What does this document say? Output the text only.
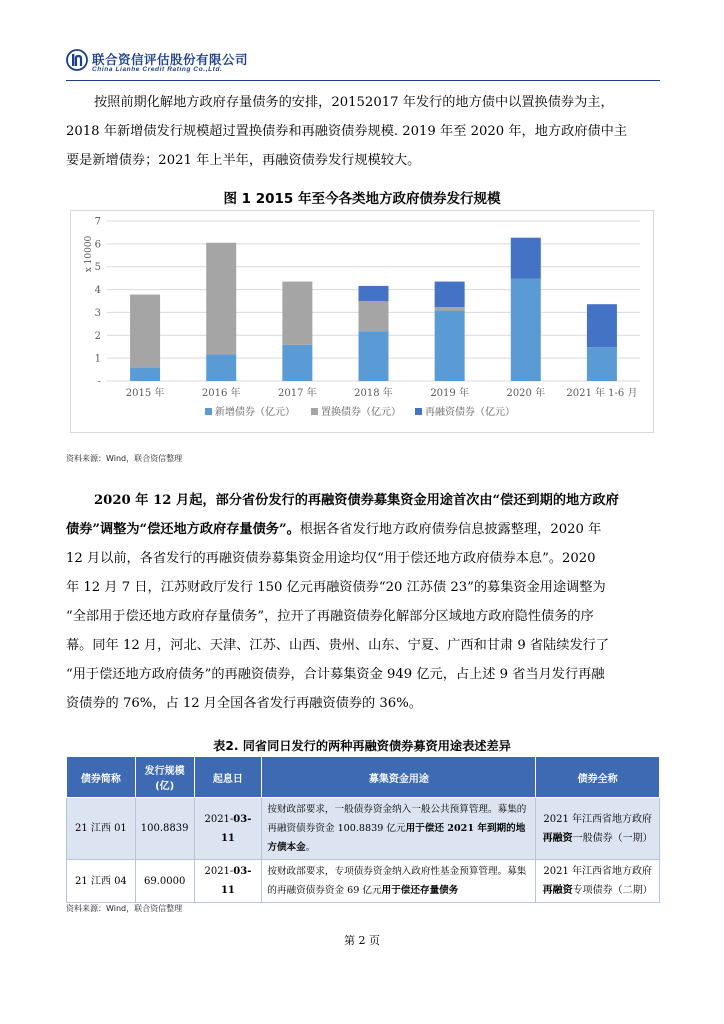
联合资信评估股份有限公司
China Lianhe Credit Rating Co.,Ltd.
按照前期化解地方政府存量债务的安排，20152017 年发行的地方债中以置换债券为主，
2018 年新增债发行规模超过置换债券和再融资债券规模. 2019 年至 2020 年，地方政府债中主
要是新增债券；2021 年上半年，再融资债券发行规模较大。
图 1 2015 年至今各类地方政府债券发行规模
-
1
2
3
4
5
6
7
x 10000
2015 年	2016 年	2017 年	2018 年	2019 年	2020 年 2021 年 1-6 月
新增债券（亿元）	置换债券（亿元） 再融资债券（亿元）
资料来源：Wind，联合资信整理
2020 年 12 月起，部分省份发行的再融资债券募集资金用途首次由“偿还到期的地方政府
债券”调整为“偿还地方政府存量债务”。根据各省发行地方政府债券信息披露整理，2020 年
12 月以前，各省发行的再融资债券募集资金用途均仅“用于偿还地方政府债券本息”。2020
年 12 月 7 日，江苏财政厅发行 150 亿元再融资债券“20 江苏债 23”的募集资金用途调整为
“全部用于偿还地方政府存量债务”，拉开了再融资债券化解部分区域地方政府隐性债务的序
幕。同年 12 月，河北、天津、江苏、山西、贵州、山东、宁夏、广西和甘肃 9 省陆续发行了
“用于偿还地方政府债务”的再融资债券，合计募集资金 949 亿元，占上述 9 省当月发行再融
资债券的 76%，占 12 月全国各省发行再融资债券的 36%。
表2. 同省同日发行的两种再融资债券募资用途表述差异
债券简称	发行规模(亿)	起息日	募集资金用途	债券全称
21 江西 01	100.8839	2021-03-11	按财政部要求，一般债券资金纳入一般公共预算管理。募集的再融资债券资金 100.8839 亿元用于偿还 2021 年到期的地方债本金。	2021 年江西省地方政府
再融资一般债券（一期）
21 江西 04	69.0000	2021-03-11	按财政部要求，专项债券资金纳入政府性基金预算管理。募集的再融资债券资金 69 亿元用于偿还存量债务	2021 年江西省地方政府
再融资专项债券（二期）
资料来源：Wind，联合资信整理
第 2 页
